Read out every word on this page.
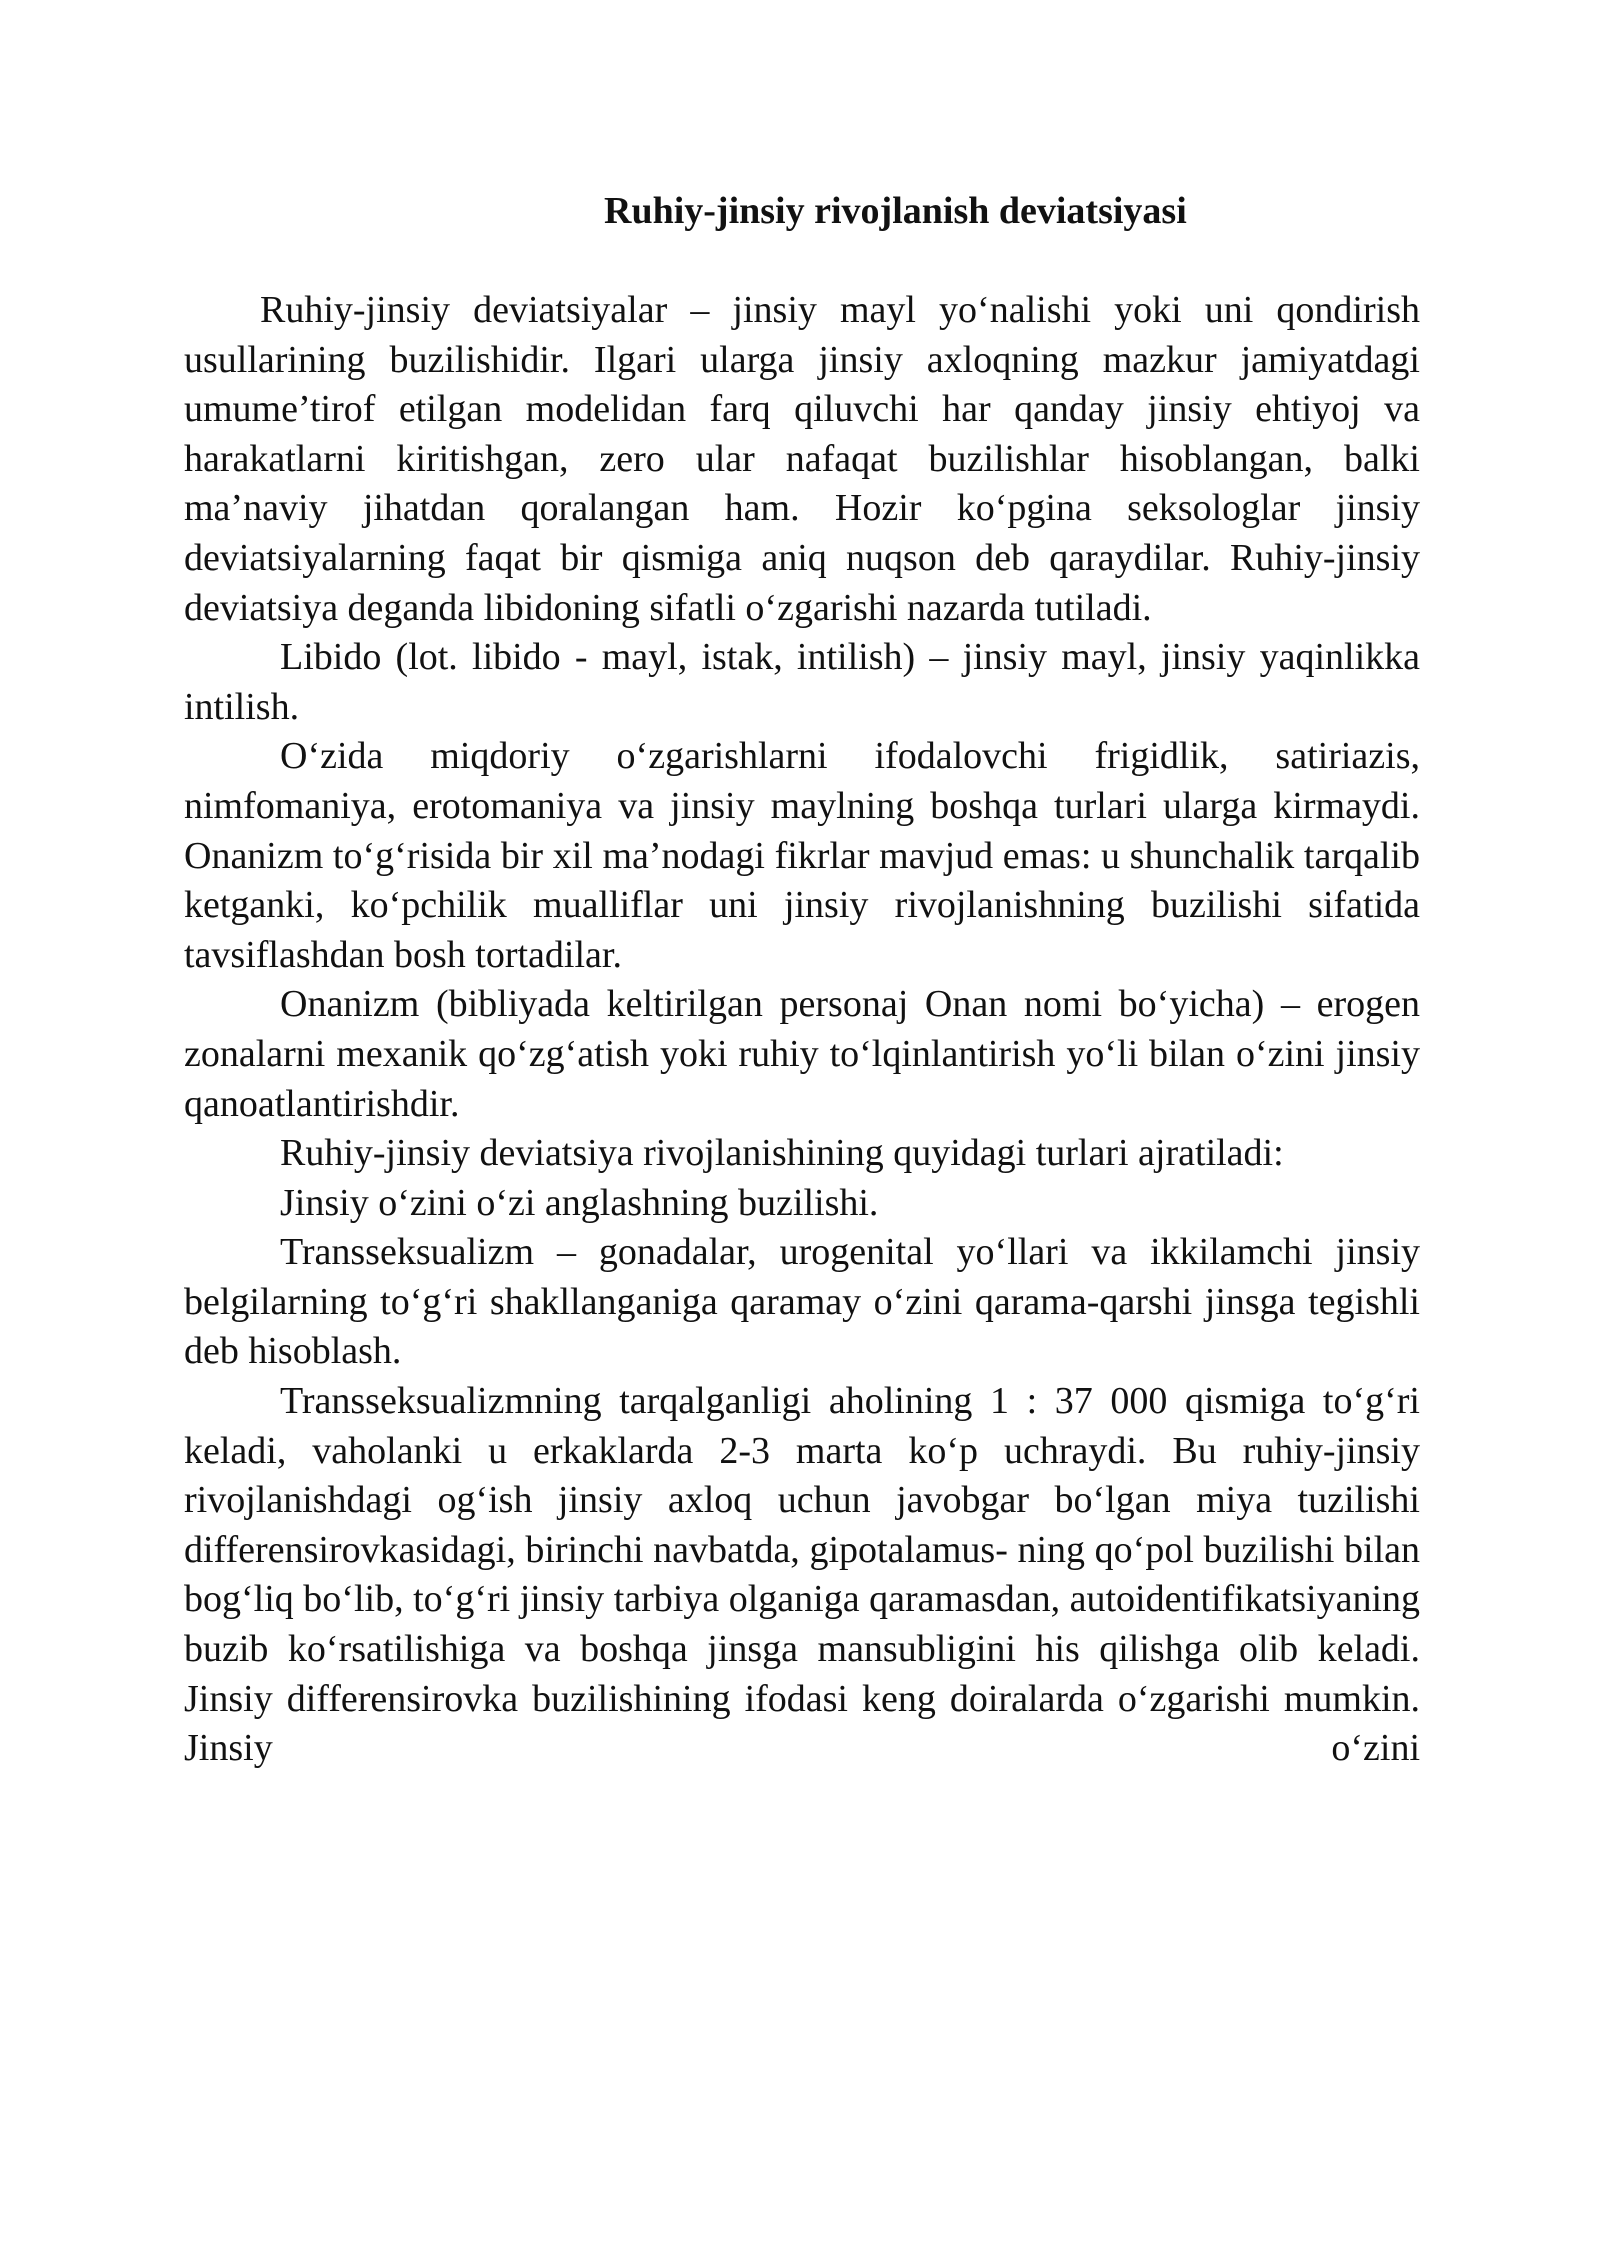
Ruhiy-jinsiy rivojlanish deviatsiyasi

Ruhiy-jinsiy deviatsiyalar – jinsiy mayl yo‘nalishi yoki uni qondirish usullarining buzilishidir. Ilgari ularga jinsiy axloqning mazkur jamiyatdagi umume’tirof etilgan modelidan farq qiluvchi har qanday jinsiy ehtiyoj va harakatlarni kiritishgan, zero ular nafaqat buzilishlar hisoblangan, balki ma’naviy jihatdan qoralangan ham. Hozir ko‘pgina seksologlar jinsiy deviatsiyalarning faqat bir qismiga aniq nuqson deb qaraydilar. Ruhiy-jinsiy deviatsiya deganda libidoning sifatli o‘zgarishi nazarda tutiladi.

Libido (lot. libido - mayl, istak, intilish) – jinsiy mayl, jinsiy yaqinlikka intilish.

O‘zida miqdoriy o‘zgarishlarni ifodalovchi frigidlik, satiriazis, nimfomaniya, erotomaniya va jinsiy maylning boshqa turlari ularga kirmaydi. Onanizm to‘g‘risida bir xil ma’nodagi fikrlar mavjud emas: u shunchalik tarqalib ketganki, ko‘pchilik mualliflar uni jinsiy rivojlanishning buzilishi sifatida tavsiflashdan bosh tortadilar.

Onanizm (bibliyada keltirilgan personaj Onan nomi bo‘yicha) – erogen zonalarni mexanik qo‘zg‘atish yoki ruhiy to‘lqinlantirish yo‘li bilan o‘zini jinsiy qanoatlantirishdir.

Ruhiy-jinsiy deviatsiya rivojlanishining quyidagi turlari ajratiladi:

Jinsiy o‘zini o‘zi anglashning buzilishi.

Transseksualizm – gonadalar, urogenital yo‘llari va ikkilamchi jinsiy belgilarning to‘g‘ri shakllanganiga qaramay o‘zini qarama-qarshi jinsga tegishli deb hisoblash.

Transseksualizmning tarqalganligi aholining 1 : 37 000 qismiga to‘g‘ri keladi, vaholanki u erkaklarda 2-3 marta ko‘p uchraydi. Bu ruhiy-jinsiy rivojlanishdagi og‘ish jinsiy axloq uchun javobgar bo‘lgan miya tuzilishi differensirovkasidagi, birinchi navbatda, gipotalamus- ning qo‘pol buzilishi bilan bog‘liq bo‘lib, to‘g‘ri jinsiy tarbiya olganiga qaramasdan, autoidentifikatsiyaning buzib ko‘rsatilishiga va boshqa jinsga mansubligini his qilishga olib keladi. Jinsiy differensirovka buzilishining ifodasi keng doiralarda o‘zgarishi mumkin. Jinsiy o‘zini
